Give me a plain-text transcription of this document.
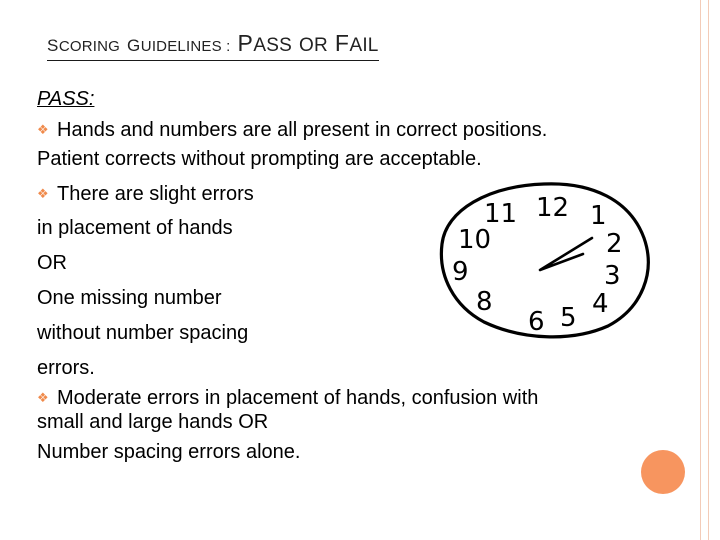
S CORING G UIDELINES : P ASS OR F AIL
PASS:
❖ Hands and numbers are all present in correct positions.
Patient corrects without prompting are acceptable.
❖ There are slight errors
in placement of hands
OR
One missing number
without number spacing
errors.
❖ Moderate errors in placement of hands, confusion with
small and large hands OR
Number spacing errors alone.
11 12 1
10	2
9	3
8
6 5 4
